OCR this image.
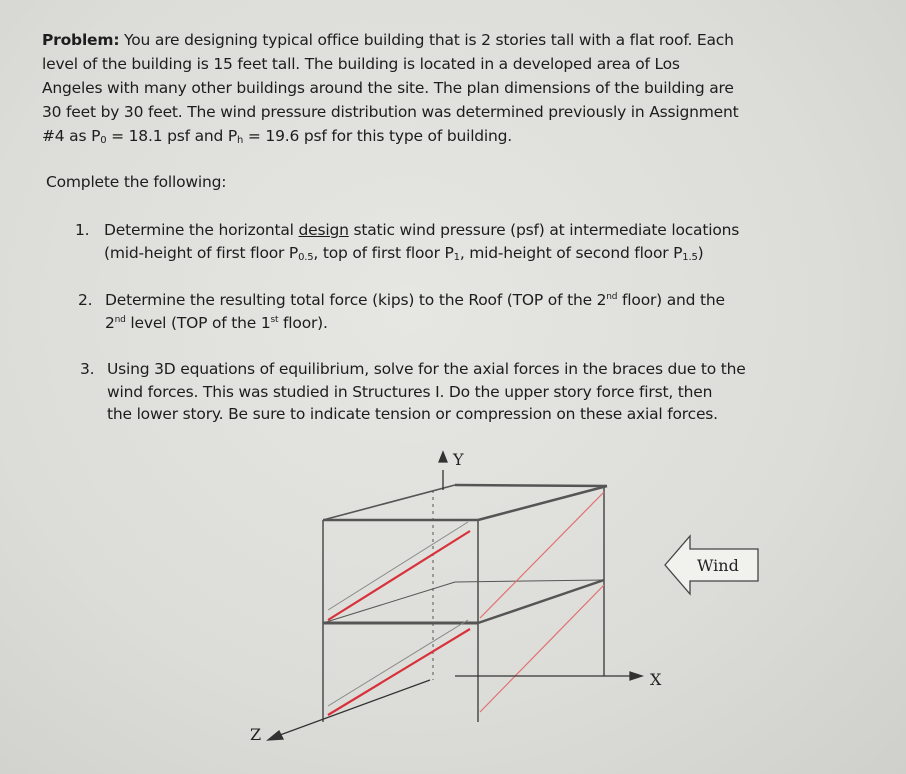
Problem: You are designing typical office building that is 2 stories tall with a flat roof. Each
level of the building is 15 feet tall. The building is located in a developed area of Los
Angeles with many other buildings around the site. The plan dimensions of the building are
30 feet by 30 feet. The wind pressure distribution was determined previously in Assignment
#4 as $P_0 = 18.1$ psf and $P_h = 19.6$ psf for this type of building.
Complete the following:
1. Determine the horizontal design static wind pressure (psf) at intermediate locations
(mid-height of first floor $P_{0.5}$, top of first floor $P_1$, mid-height of second floor $P_{1.5}$)
2. Determine the resulting total force (kips) to the Roof (TOP of the 2nd floor) and the
2nd level (TOP of the 1st floor).
3. Using 3D equations of equilibrium, solve for the axial forces in the braces due to the
wind forces. This was studied in Structures I. Do the upper story force first, then
the lower story. Be sure to indicate tension or compression on these axial forces.
Y
X
Z
Wind
